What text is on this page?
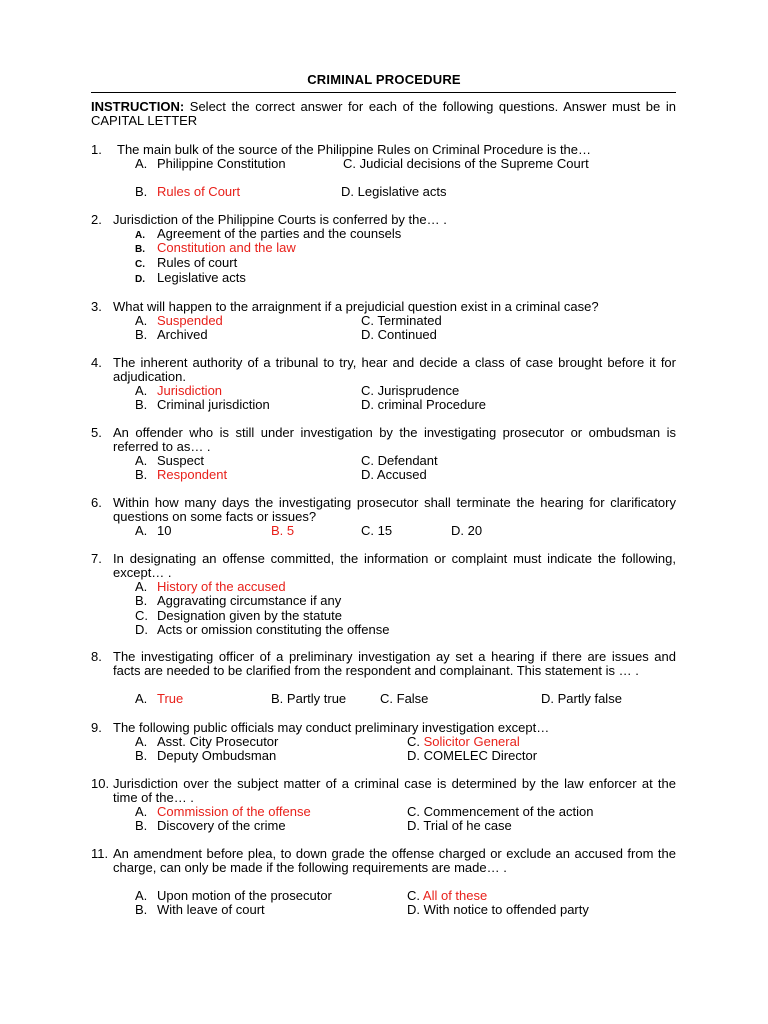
CRIMINAL PROCEDURE
INSTRUCTION: Select the correct answer for each of the following questions. Answer must be in CAPITAL LETTER
1. The main bulk of the source of the Philippine Rules on Criminal Procedure is the…
A. Philippine Constitution	C. Judicial decisions of the Supreme Court
B. Rules of Court	D. Legislative acts
2. Jurisdiction of the Philippine Courts is conferred by the… .
A. Agreement of the parties and the counsels
B. Constitution and the law
C. Rules of court
D. Legislative acts
3. What will happen to the arraignment if a prejudicial question exist in a criminal case?
A. Suspended	C. Terminated
B. Archived	D. Continued
4. The inherent authority of a tribunal to try, hear and decide a class of case brought before it for adjudication.
A. Jurisdiction	C. Jurisprudence
B. Criminal jurisdiction	D. criminal Procedure
5. An offender who is still under investigation by the investigating prosecutor or ombudsman is referred to as… .
A. Suspect	C. Defendant
B. Respondent	D. Accused
6. Within how many days the investigating prosecutor shall terminate the hearing for clarificatory questions on some facts or issues?
A. 10	B. 5	C. 15	D. 20
7. In designating an offense committed, the information or complaint must indicate the following, except… .
A. History of the accused
B. Aggravating circumstance if any
C. Designation given by the statute
D. Acts or omission constituting the offense
8. The investigating officer of a preliminary investigation ay set a hearing if there are issues and facts are needed to be clarified from the respondent and complainant. This statement is … .
A. True	B. Partly true	C. False	D. Partly false
9. The following public officials may conduct preliminary investigation except…
A. Asst. City Prosecutor	C. Solicitor General
B. Deputy Ombudsman	D. COMELEC Director
10. Jurisdiction over the subject matter of a criminal case is determined by the law enforcer at the time of the… .
A. Commission of the offense	C. Commencement of the action
B. Discovery of the crime	D. Trial of he case
11. An amendment before plea, to down grade the offense charged or exclude an accused from the charge, can only be made if the following requirements are made… .
A. Upon motion of the prosecutor	C. All of these
B. With leave of court	D. With notice to offended party
